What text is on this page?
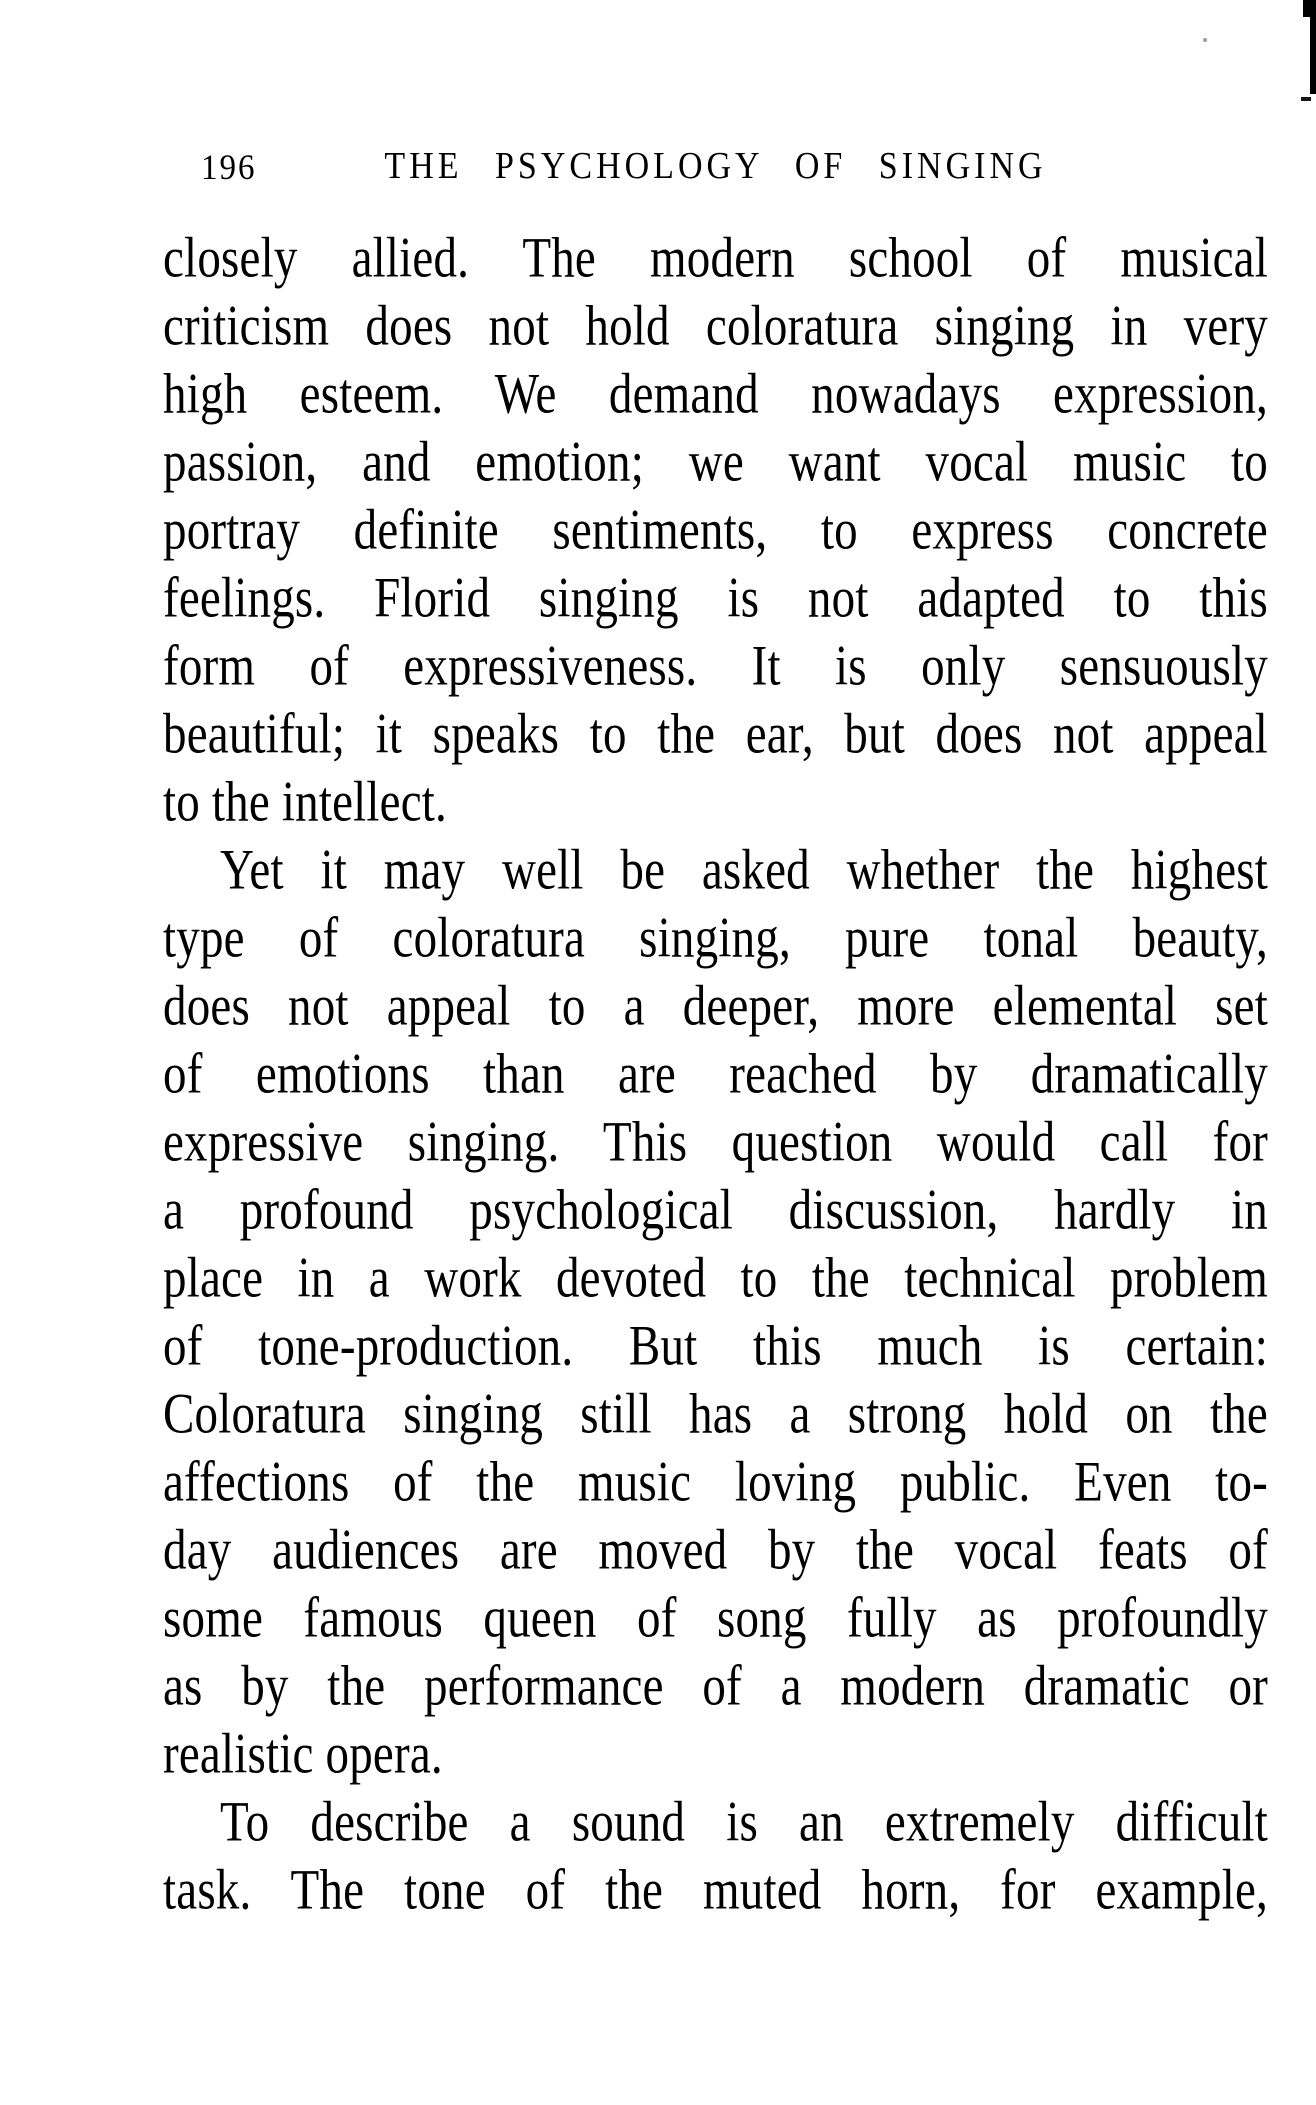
196	THE PSYCHOLOGY OF SINGING
closely allied. The modern school of musical
criticism does not hold coloratura singing in very
high esteem. We demand nowadays expression,
passion, and emotion; we want vocal music to
portray definite sentiments, to express concrete
feelings. Florid singing is not adapted to this
form of expressiveness. It is only sensuously
beautiful; it speaks to the ear, but does not appeal
to the intellect.
Yet it may well be asked whether the highest
type of coloratura singing, pure tonal beauty,
does not appeal to a deeper, more elemental set
of emotions than are reached by dramatically
expressive singing. This question would call for
a profound psychological discussion, hardly in
place in a work devoted to the technical problem
of tone-production. But this much is certain:
Coloratura singing still has a strong hold on the
affections of the music loving public. Even to-
day audiences are moved by the vocal feats of
some famous queen of song fully as profoundly
as by the performance of a modern dramatic or
realistic opera.
To describe a sound is an extremely difficult
task. The tone of the muted horn, for example,
